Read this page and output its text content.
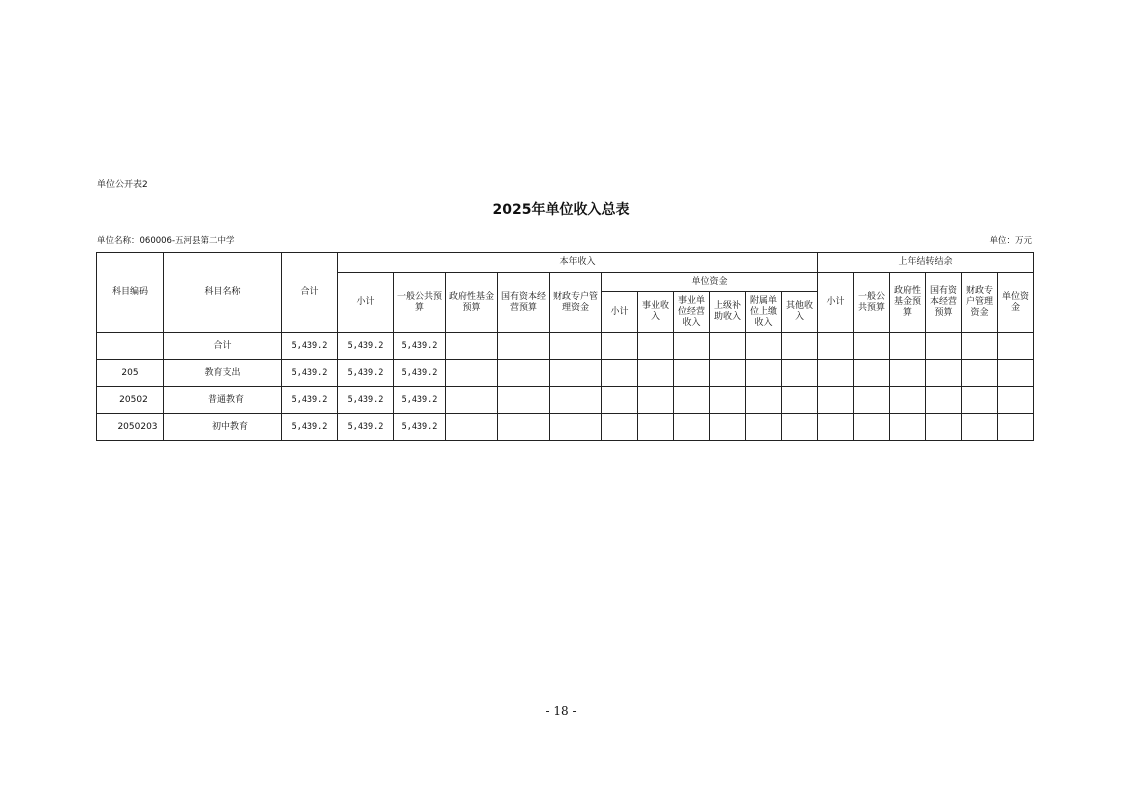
单位公开表2
2025年单位收入总表
单位名称：060006-五河县第二中学	单位：万元
科目编码	科目名称	合计	本年收入											上年结转结余					
			小计	一般公共预算	政府性基金预算	国有资本经营预算	财政专户管理资金	单位资金						小计	一般公共预算	政府性基金预算	国有资本经营预算	财政专户管理资金	单位资金
								小计	事业收入	事业单位经营收入	上级补助收入	附属单位上缴收入	其他收入						
	合计	5,439.2	5,439.2	5,439.2															
205	教育支出	5,439.2	5,439.2	5,439.2															
20502	普通教育	5,439.2	5,439.2	5,439.2															
2050203	初中教育	5,439.2	5,439.2	5,439.2															
- 18 -
